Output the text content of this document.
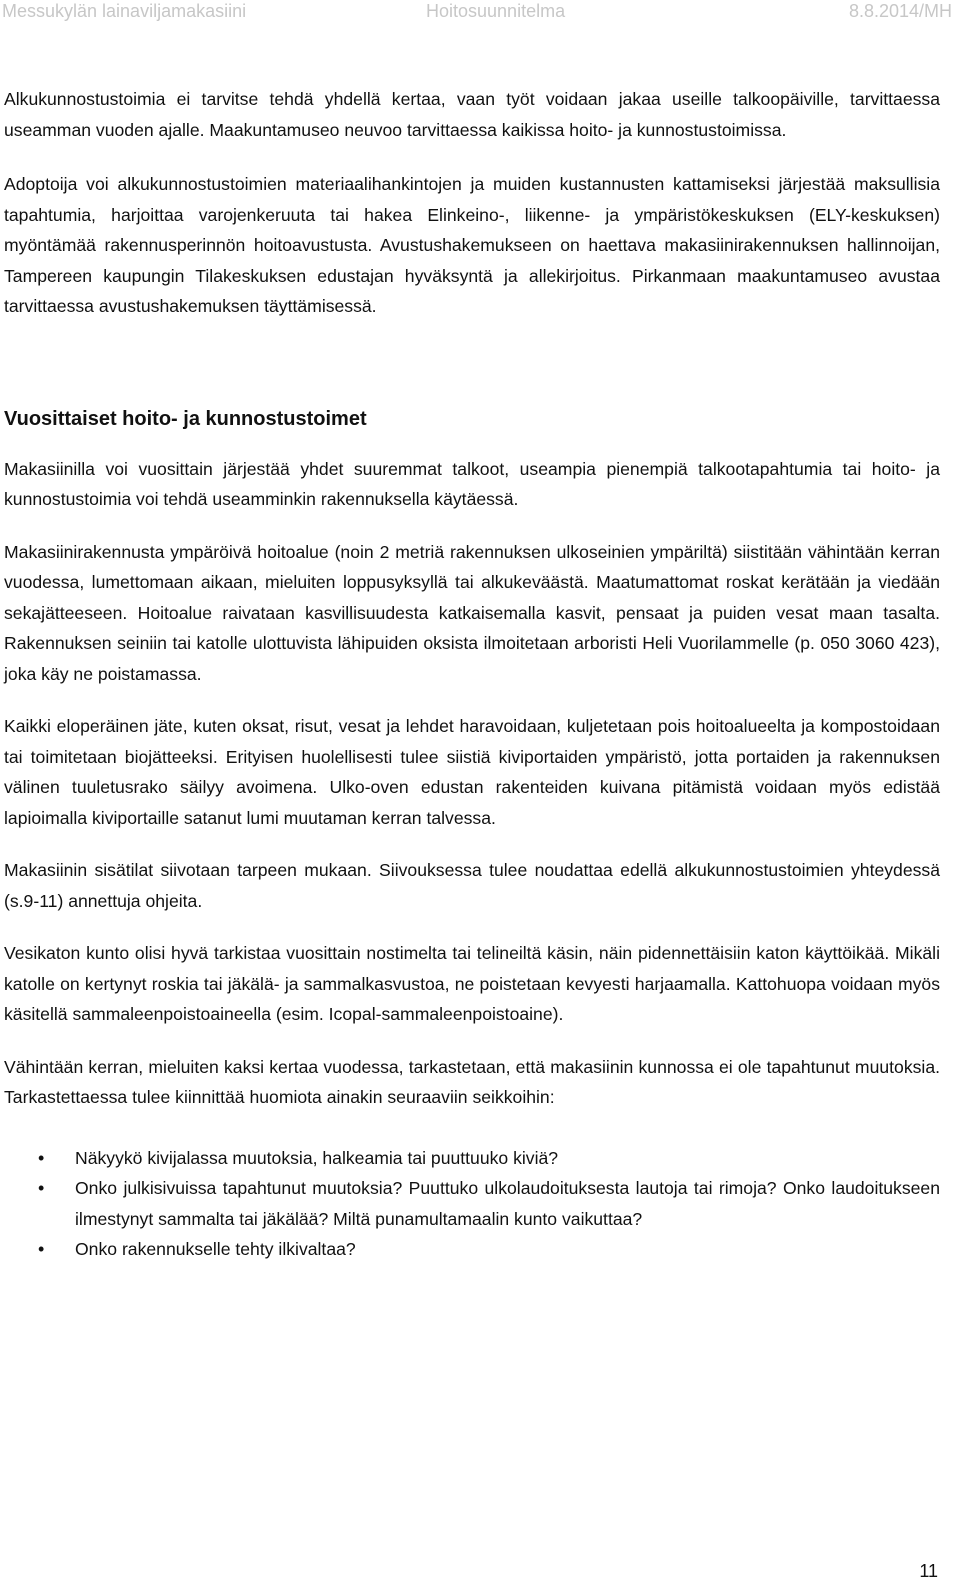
Messukylän lainaviljamakasiini	Hoitosuunnitelma	8.8.2014/MH

Alkukunnostustoimia ei tarvitse tehdä yhdellä kertaa, vaan työt voidaan jakaa useille talkoopäiville, tarvittaessa useamman vuoden ajalle. Maakuntamuseo neuvoo tarvittaessa kaikissa hoito- ja kunnostustoimissa.

Adoptoija voi alkukunnostustoimien materiaalihankintojen ja muiden kustannusten kattamiseksi järjestää maksullisia tapahtumia, harjoittaa varojenkeruuta tai hakea Elinkeino-, liikenne- ja ympäristökeskuksen (ELY-keskuksen) myöntämää rakennusperinnön hoitoavustusta. Avustushakemukseen on haettava makasiinirakennuksen hallinnoijan, Tampereen kaupungin Tilakeskuksen edustajan hyväksyntä ja allekirjoitus. Pirkanmaan maakuntamuseo avustaa tarvittaessa avustushakemuksen täyttämisessä.

Vuosittaiset hoito- ja kunnostustoimet

Makasiinilla voi vuosittain järjestää yhdet suuremmat talkoot, useampia pienempiä talkootapahtumia tai hoito- ja kunnostustoimia voi tehdä useamminkin rakennuksella käytäessä.

Makasiinirakennusta ympäröivä hoitoalue (noin 2 metriä rakennuksen ulkoseinien ympäriltä) siistitään vähintään kerran vuodessa, lumettomaan aikaan, mieluiten loppusyksyllä tai alkukeväästä. Maatumattomat roskat kerätään ja viedään sekajätteeseen. Hoitoalue raivataan kasvillisuudesta katkaisemalla kasvit, pensaat ja puiden vesat maan tasalta. Rakennuksen seiniin tai katolle ulottuvista lähipuiden oksista ilmoitetaan arboristi Heli Vuorilammelle (p. 050 3060 423), joka käy ne poistamassa.

Kaikki eloperäinen jäte, kuten oksat, risut, vesat ja lehdet haravoidaan, kuljetetaan pois hoitoalueelta ja kompostoidaan tai toimitetaan biojätteeksi. Erityisen huolellisesti tulee siistiä kiviportaiden ympäristö, jotta portaiden ja rakennuksen välinen tuuletusrako säilyy avoimena. Ulko-oven edustan rakenteiden kuivana pitämistä voidaan myös edistää lapioimalla kiviportaille satanut lumi muutaman kerran talvessa.

Makasiinin sisätilat siivotaan tarpeen mukaan. Siivouksessa tulee noudattaa edellä alkukunnostustoimien yhteydessä (s.9-11) annettuja ohjeita.

Vesikaton kunto olisi hyvä tarkistaa vuosittain nostimelta tai telineiltä käsin, näin pidennettäisiin katon käyttöikää. Mikäli katolle on kertynyt roskia tai jäkälä- ja sammalkasvustoa, ne poistetaan kevyesti harjaamalla. Kattohuopa voidaan myös käsitellä sammaleenpoistoaineella (esim. Icopal-sammaleenpoistoaine).

Vähintään kerran, mieluiten kaksi kertaa vuodessa, tarkastetaan, että makasiinin kunnossa ei ole tapahtunut muutoksia. Tarkastettaessa tulee kiinnittää huomiota ainakin seuraaviin seikkoihin:

• Näkyykö kivijalassa muutoksia, halkeamia tai puuttuuko kiviä?
• Onko julkisivuissa tapahtunut muutoksia? Puuttuko ulkolaudoituksesta lautoja tai rimoja? Onko laudoitukseen ilmestynyt sammalta tai jäkälää? Miltä punamultamaalin kunto vaikuttaa?
• Onko rakennukselle tehty ilkivaltaa?
11
